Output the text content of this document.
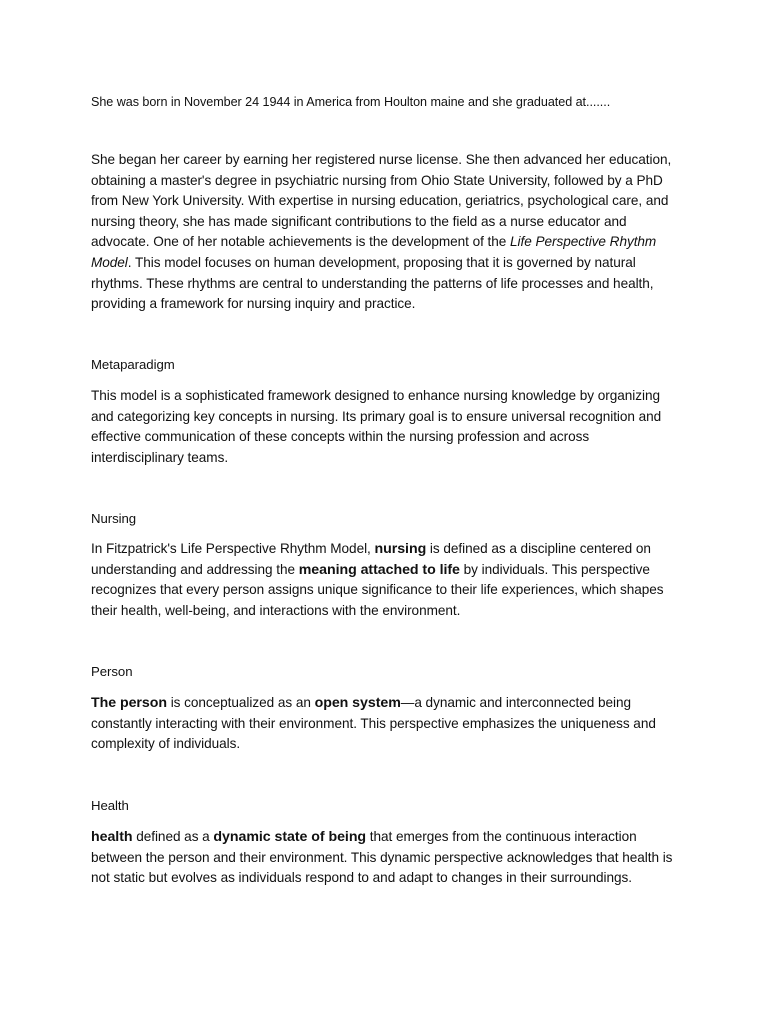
She was born in November 24 1944 in America from Houlton maine and she graduated at.......
She began her career by earning her registered nurse license. She then advanced her education, obtaining a master's degree in psychiatric nursing from Ohio State University, followed by a PhD from New York University. With expertise in nursing education, geriatrics, psychological care, and nursing theory, she has made significant contributions to the field as a nurse educator and advocate. One of her notable achievements is the development of the Life Perspective Rhythm Model. This model focuses on human development, proposing that it is governed by natural rhythms. These rhythms are central to understanding the patterns of life processes and health, providing a framework for nursing inquiry and practice.
Metaparadigm
This model is a sophisticated framework designed to enhance nursing knowledge by organizing and categorizing key concepts in nursing. Its primary goal is to ensure universal recognition and effective communication of these concepts within the nursing profession and across interdisciplinary teams.
Nursing
In Fitzpatrick's Life Perspective Rhythm Model, nursing is defined as a discipline centered on understanding and addressing the meaning attached to life by individuals. This perspective recognizes that every person assigns unique significance to their life experiences, which shapes their health, well-being, and interactions with the environment.
Person
The person is conceptualized as an open system—a dynamic and interconnected being constantly interacting with their environment. This perspective emphasizes the uniqueness and complexity of individuals.
Health
health defined as a dynamic state of being that emerges from the continuous interaction between the person and their environment. This dynamic perspective acknowledges that health is not static but evolves as individuals respond to and adapt to changes in their surroundings.
